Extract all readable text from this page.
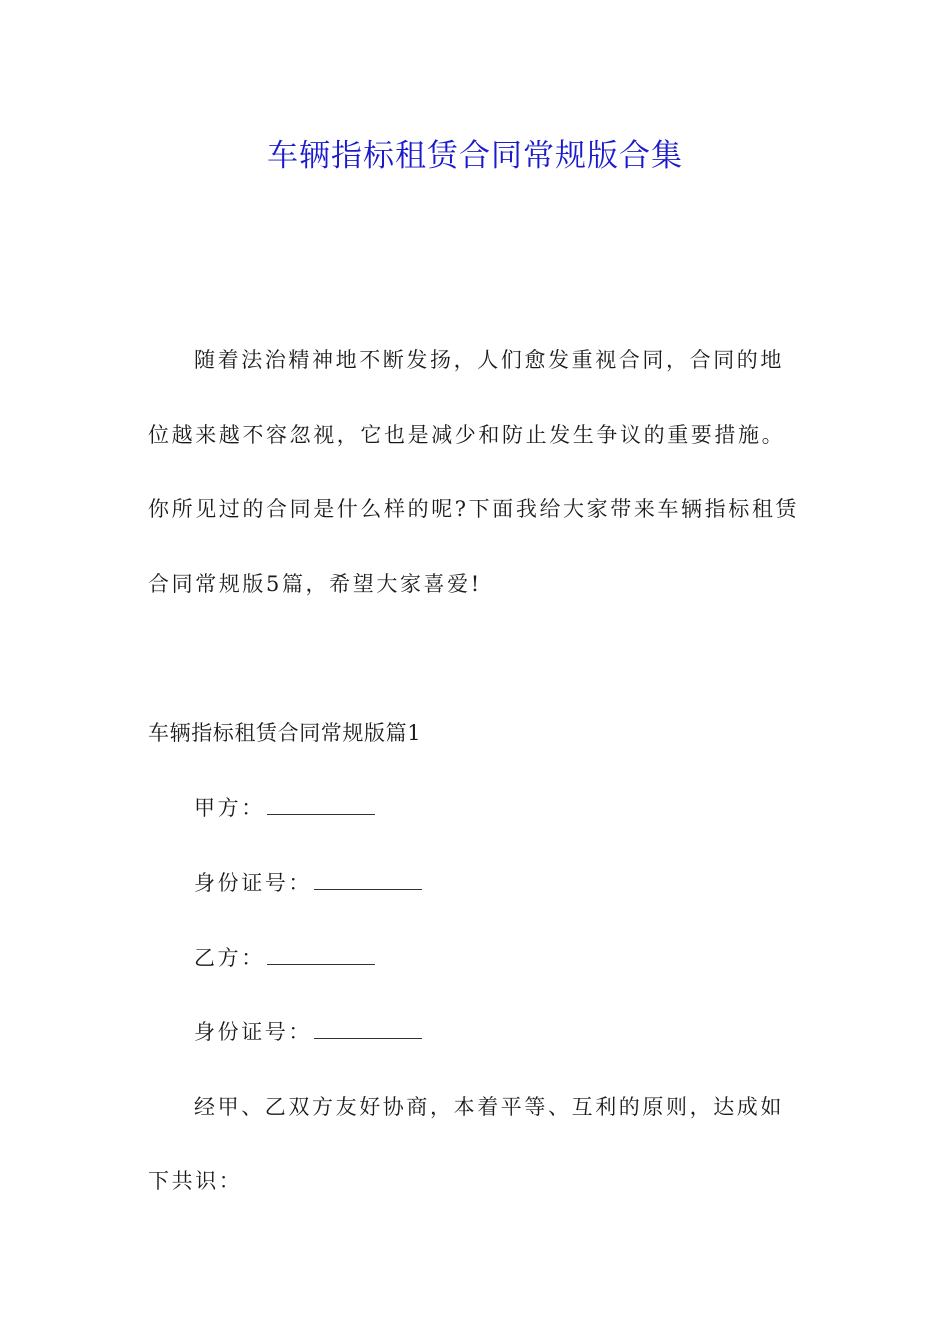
车辆指标租赁合同常规版合集
随着法治精神地不断发扬，人们愈发重视合同，合同的地
位越来越不容忽视，它也是减少和防止发生争议的重要措施。
你所见过的合同是什么样的呢?下面我给大家带来车辆指标租赁
合同常规版5篇，希望大家喜爱!
车辆指标租赁合同常规版篇1
甲方：
身份证号：
乙方：
身份证号：
经甲、乙双方友好协商，本着平等、互利的原则，达成如
下共识：
